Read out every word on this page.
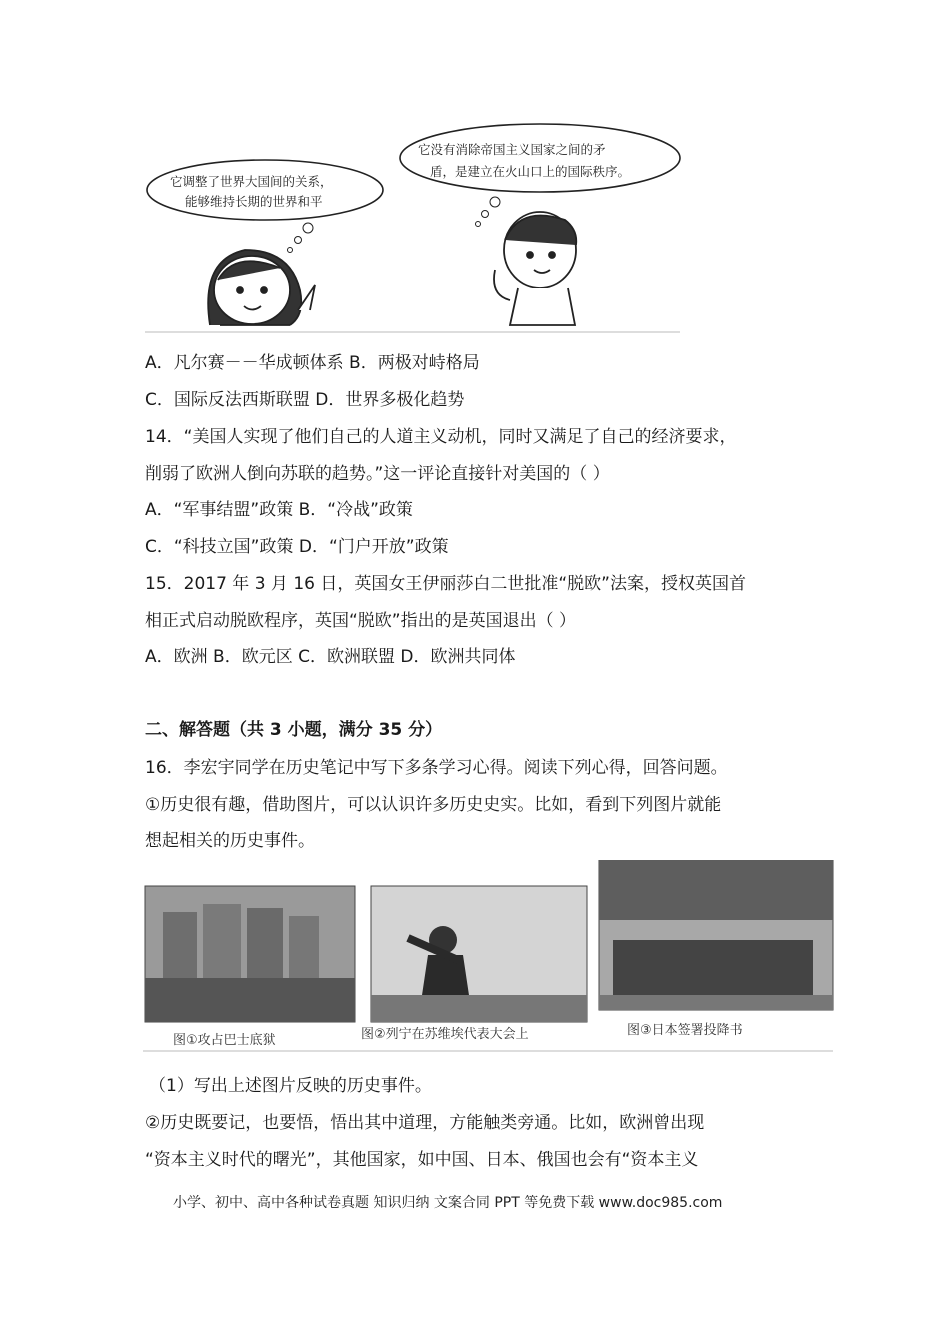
它调整了世界大国间的关系，
能够维持长期的世界和平
它没有消除帝国主义国家之间的矛
盾，是建立在火山口上的国际秩序。
A．凡尔赛－－华成顿体系 B．两极对峙格局
C．国际反法西斯联盟 D．世界多极化趋势
14．“美国人实现了他们自己的人道主义动机，同时又满足了自己的经济要求，
削弱了欧洲人倒向苏联的趋势。”这一评论直接针对美国的（ ）
A．“军事结盟”政策 B．“冷战”政策
C．“科技立国”政策 D．“门户开放”政策
15．2017 年 3 月 16 日，英国女王伊丽莎白二世批准“脱欧”法案，授权英国首
相正式启动脱欧程序，英国“脱欧”指出的是英国退出（ ）
A．欧洲 B．欧元区 C．欧洲联盟 D．欧洲共同体
二、解答题（共 3 小题，满分 35 分）
16．李宏宇同学在历史笔记中写下多条学习心得。阅读下列心得，回答问题。
①历史很有趣，借助图片，可以认识许多历史史实。比如，看到下列图片就能
想起相关的历史事件。
图①攻占巴士底狱	图②列宁在苏维埃代表大会上	图③日本签署投降书
（1）写出上述图片反映的历史事件。
②历史既要记，也要悟，悟出其中道理，方能触类旁通。比如，欧洲曾出现
“资本主义时代的曙光”，其他国家，如中国、日本、俄国也会有“资本主义
小学、初中、高中各种试卷真题 知识归纳 文案合同 PPT 等免费下载 www.doc985.com
